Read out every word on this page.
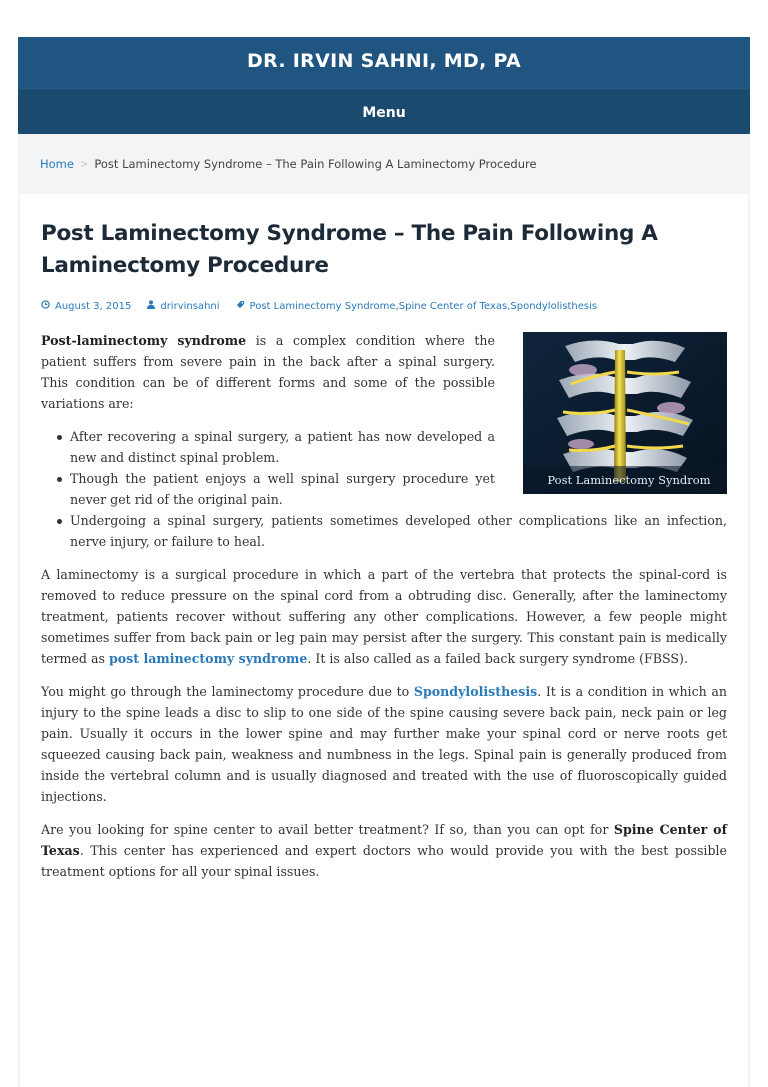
DR. IRVIN SAHNI, MD, PA
Menu
Home > Post Laminectomy Syndrome – The Pain Following A Laminectomy Procedure
Post Laminectomy Syndrome – The Pain Following A Laminectomy Procedure
August 3, 2015	drirvinsahni	Post Laminectomy Syndrome , Spine Center of Texas , Spondylolisthesis
Post Laminectomy Syndrom

Post-laminectomy syndrome is a complex condition where the patient suffers from severe pain in the back after a spinal surgery. This condition can be of different forms and some of the possible variations are:

After recovering a spinal surgery, a patient has now developed a new and distinct spinal problem.
Though the patient enjoys a well spinal surgery procedure yet never get rid of the original pain.
Undergoing a spinal surgery, patients sometimes developed other complications like an infection, nerve injury, or failure to heal.

A laminectomy is a surgical procedure in which a part of the vertebra that protects the spinal-cord is removed to reduce pressure on the spinal cord from a obtruding disc. Generally, after the laminectomy treatment, patients recover without suffering any other complications. However, a few people might sometimes suffer from back pain or leg pain may persist after the surgery. This constant pain is medically termed as post laminectomy syndrome. It is also called as a failed back surgery syndrome (FBSS).

You might go through the laminectomy procedure due to Spondylolisthesis. It is a condition in which an injury to the spine leads a disc to slip to one side of the spine causing severe back pain, neck pain or leg pain. Usually it occurs in the lower spine and may further make your spinal cord or nerve roots get squeezed causing back pain, weakness and numbness in the legs. Spinal pain is generally produced from inside the vertebral column and is usually diagnosed and treated with the use of fluoroscopically guided injections.

Are you looking for spine center to avail better treatment? If so, than you can opt for Spine Center of Texas. This center has experienced and expert doctors who would provide you with the best possible treatment options for all your spinal issues.
